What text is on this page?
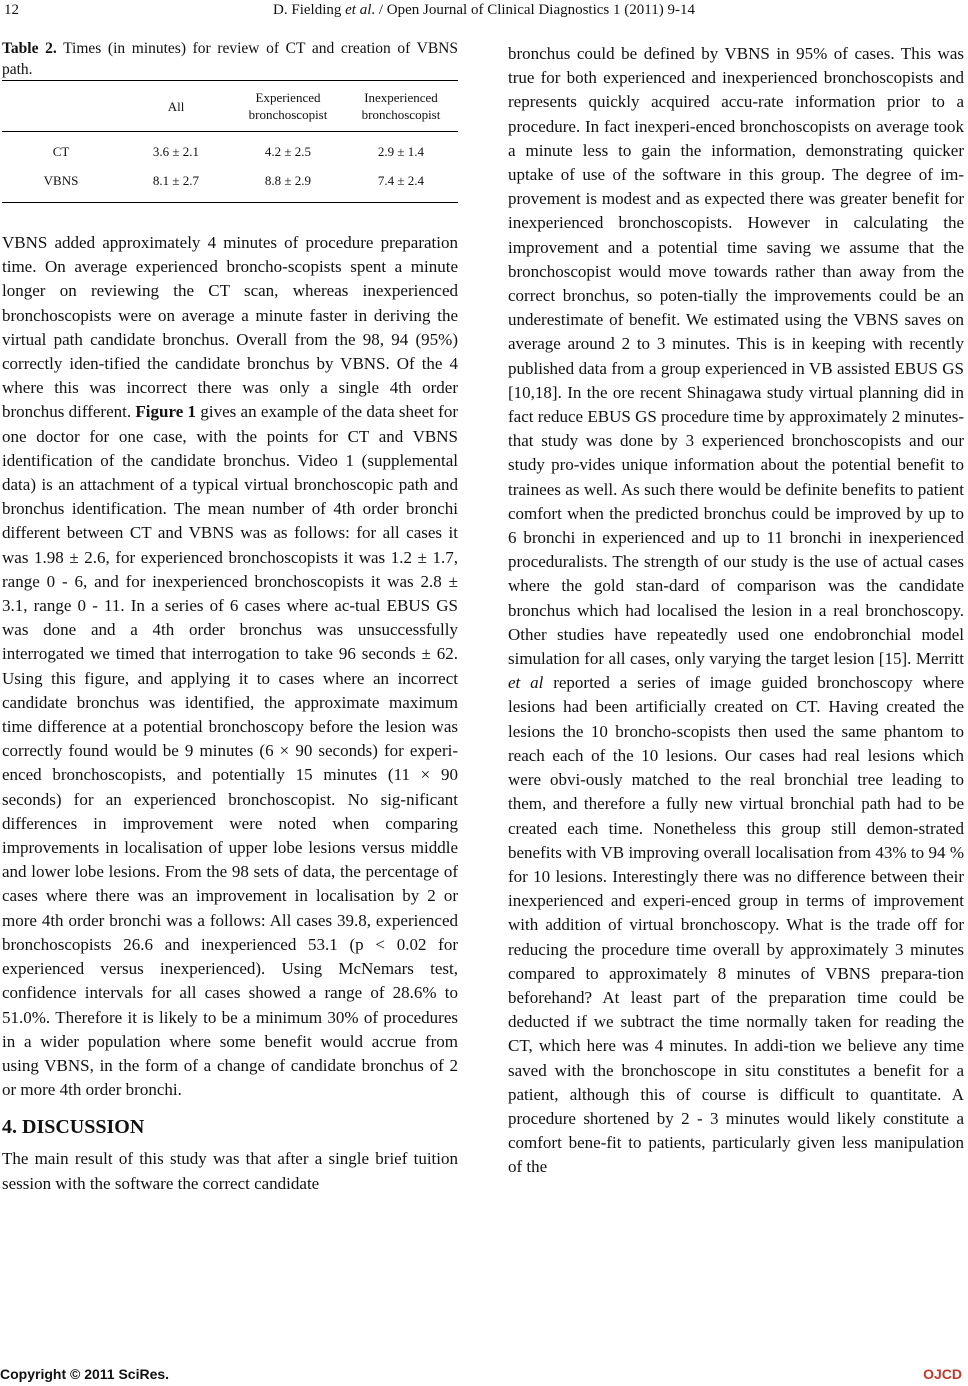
12	D. Fielding et al. / Open Journal of Clinical Diagnostics 1 (2011) 9-14

Table 2. Times (in minutes) for review of CT and creation of VBNS path.

	All	Experienced bronchoscopist	Inexperienced bronchoscopist
CT	3.6 ± 2.1	4.2 ± 2.5	2.9 ± 1.4
VBNS	8.1 ± 2.7	8.8 ± 2.9	7.4 ± 2.4

VBNS added approximately 4 minutes of procedure preparation time. On average experienced broncho-scopists spent a minute longer on reviewing the CT scan, whereas inexperienced bronchoscopists were on average a minute faster in deriving the virtual path candidate bronchus. Overall from the 98, 94 (95%) correctly iden-tified the candidate bronchus by VBNS. Of the 4 where this was incorrect there was only a single 4th order bronchus different. Figure 1 gives an example of the data sheet for one doctor for one case, with the points for CT and VBNS identification of the candidate bronchus. Video 1 (supplemental data) is an attachment of a typical virtual bronchoscopic path and bronchus identification. The mean number of 4th order bronchi different between CT and VBNS was as follows: for all cases it was 1.98 ± 2.6, for experienced bronchoscopists it was 1.2 ± 1.7, range 0 - 6, and for inexperienced bronchoscopists it was 2.8 ± 3.1, range 0 - 11. In a series of 6 cases where ac-tual EBUS GS was done and a 4th order bronchus was unsuccessfully interrogated we timed that interrogation to take 96 seconds ± 62. Using this figure, and applying it to cases where an incorrect candidate bronchus was identified, the approximate maximum time difference at a potential bronchoscopy before the lesion was correctly found would be 9 minutes (6 × 90 seconds) for experi-enced bronchoscopists, and potentially 15 minutes (11 × 90 seconds) for an experienced bronchoscopist. No sig-nificant differences in improvement were noted when comparing improvements in localisation of upper lobe lesions versus middle and lower lobe lesions. From the 98 sets of data, the percentage of cases where there was an improvement in localisation by 2 or more 4th order bronchi was a follows: All cases 39.8, experienced bronchoscopists 26.6 and inexperienced 53.1 (p < 0.02 for experienced versus inexperienced). Using McNemars test, confidence intervals for all cases showed a range of 28.6% to 51.0%. Therefore it is likely to be a minimum 30% of procedures in a wider population where some benefit would accrue from using VBNS, in the form of a change of candidate bronchus of 2 or more 4th order bronchi.

4. DISCUSSION

The main result of this study was that after a single brief tuition session with the software the correct candidate

bronchus could be defined by VBNS in 95% of cases. This was true for both experienced and inexperienced bronchoscopists and represents quickly acquired accu-rate information prior to a procedure. In fact inexperi-enced bronchoscopists on average took a minute less to gain the information, demonstrating quicker uptake of use of the software in this group. The degree of im-provement is modest and as expected there was greater benefit for inexperienced bronchoscopists. However in calculating the improvement and a potential time saving we assume that the bronchoscopist would move towards rather than away from the correct bronchus, so poten-tially the improvements could be an underestimate of benefit. We estimated using the VBNS saves on average around 2 to 3 minutes. This is in keeping with recently published data from a group experienced in VB assisted EBUS GS [10,18]. In the ore recent Shinagawa study virtual planning did in fact reduce EBUS GS procedure time by approximately 2 minutes- that study was done by 3 experienced bronchoscopists and our study pro-vides unique information about the potential benefit to trainees as well. As such there would be definite benefits to patient comfort when the predicted bronchus could be improved by up to 6 bronchi in experienced and up to 11 bronchi in inexperienced proceduralists. The strength of our study is the use of actual cases where the gold stan-dard of comparison was the candidate bronchus which had localised the lesion in a real bronchoscopy. Other studies have repeatedly used one endobronchial model simulation for all cases, only varying the target lesion [15]. Merritt et al reported a series of image guided bronchoscopy where lesions had been artificially created on CT. Having created the lesions the 10 broncho-scopists then used the same phantom to reach each of the 10 lesions. Our cases had real lesions which were obvi-ously matched to the real bronchial tree leading to them, and therefore a fully new virtual bronchial path had to be created each time. Nonetheless this group still demon-strated benefits with VB improving overall localisation from 43% to 94 % for 10 lesions. Interestingly there was no difference between their inexperienced and experi-enced group in terms of improvement with addition of virtual bronchoscopy. What is the trade off for reducing the procedure time overall by approximately 3 minutes compared to approximately 8 minutes of VBNS prepara-tion beforehand? At least part of the preparation time could be deducted if we subtract the time normally taken for reading the CT, which here was 4 minutes. In addi-tion we believe any time saved with the bronchoscope in situ constitutes a benefit for a patient, although this of course is difficult to quantitate. A procedure shortened by 2 - 3 minutes would likely constitute a comfort bene-fit to patients, particularly given less manipulation of the

Copyright © 2011 SciRes.	OJCD
